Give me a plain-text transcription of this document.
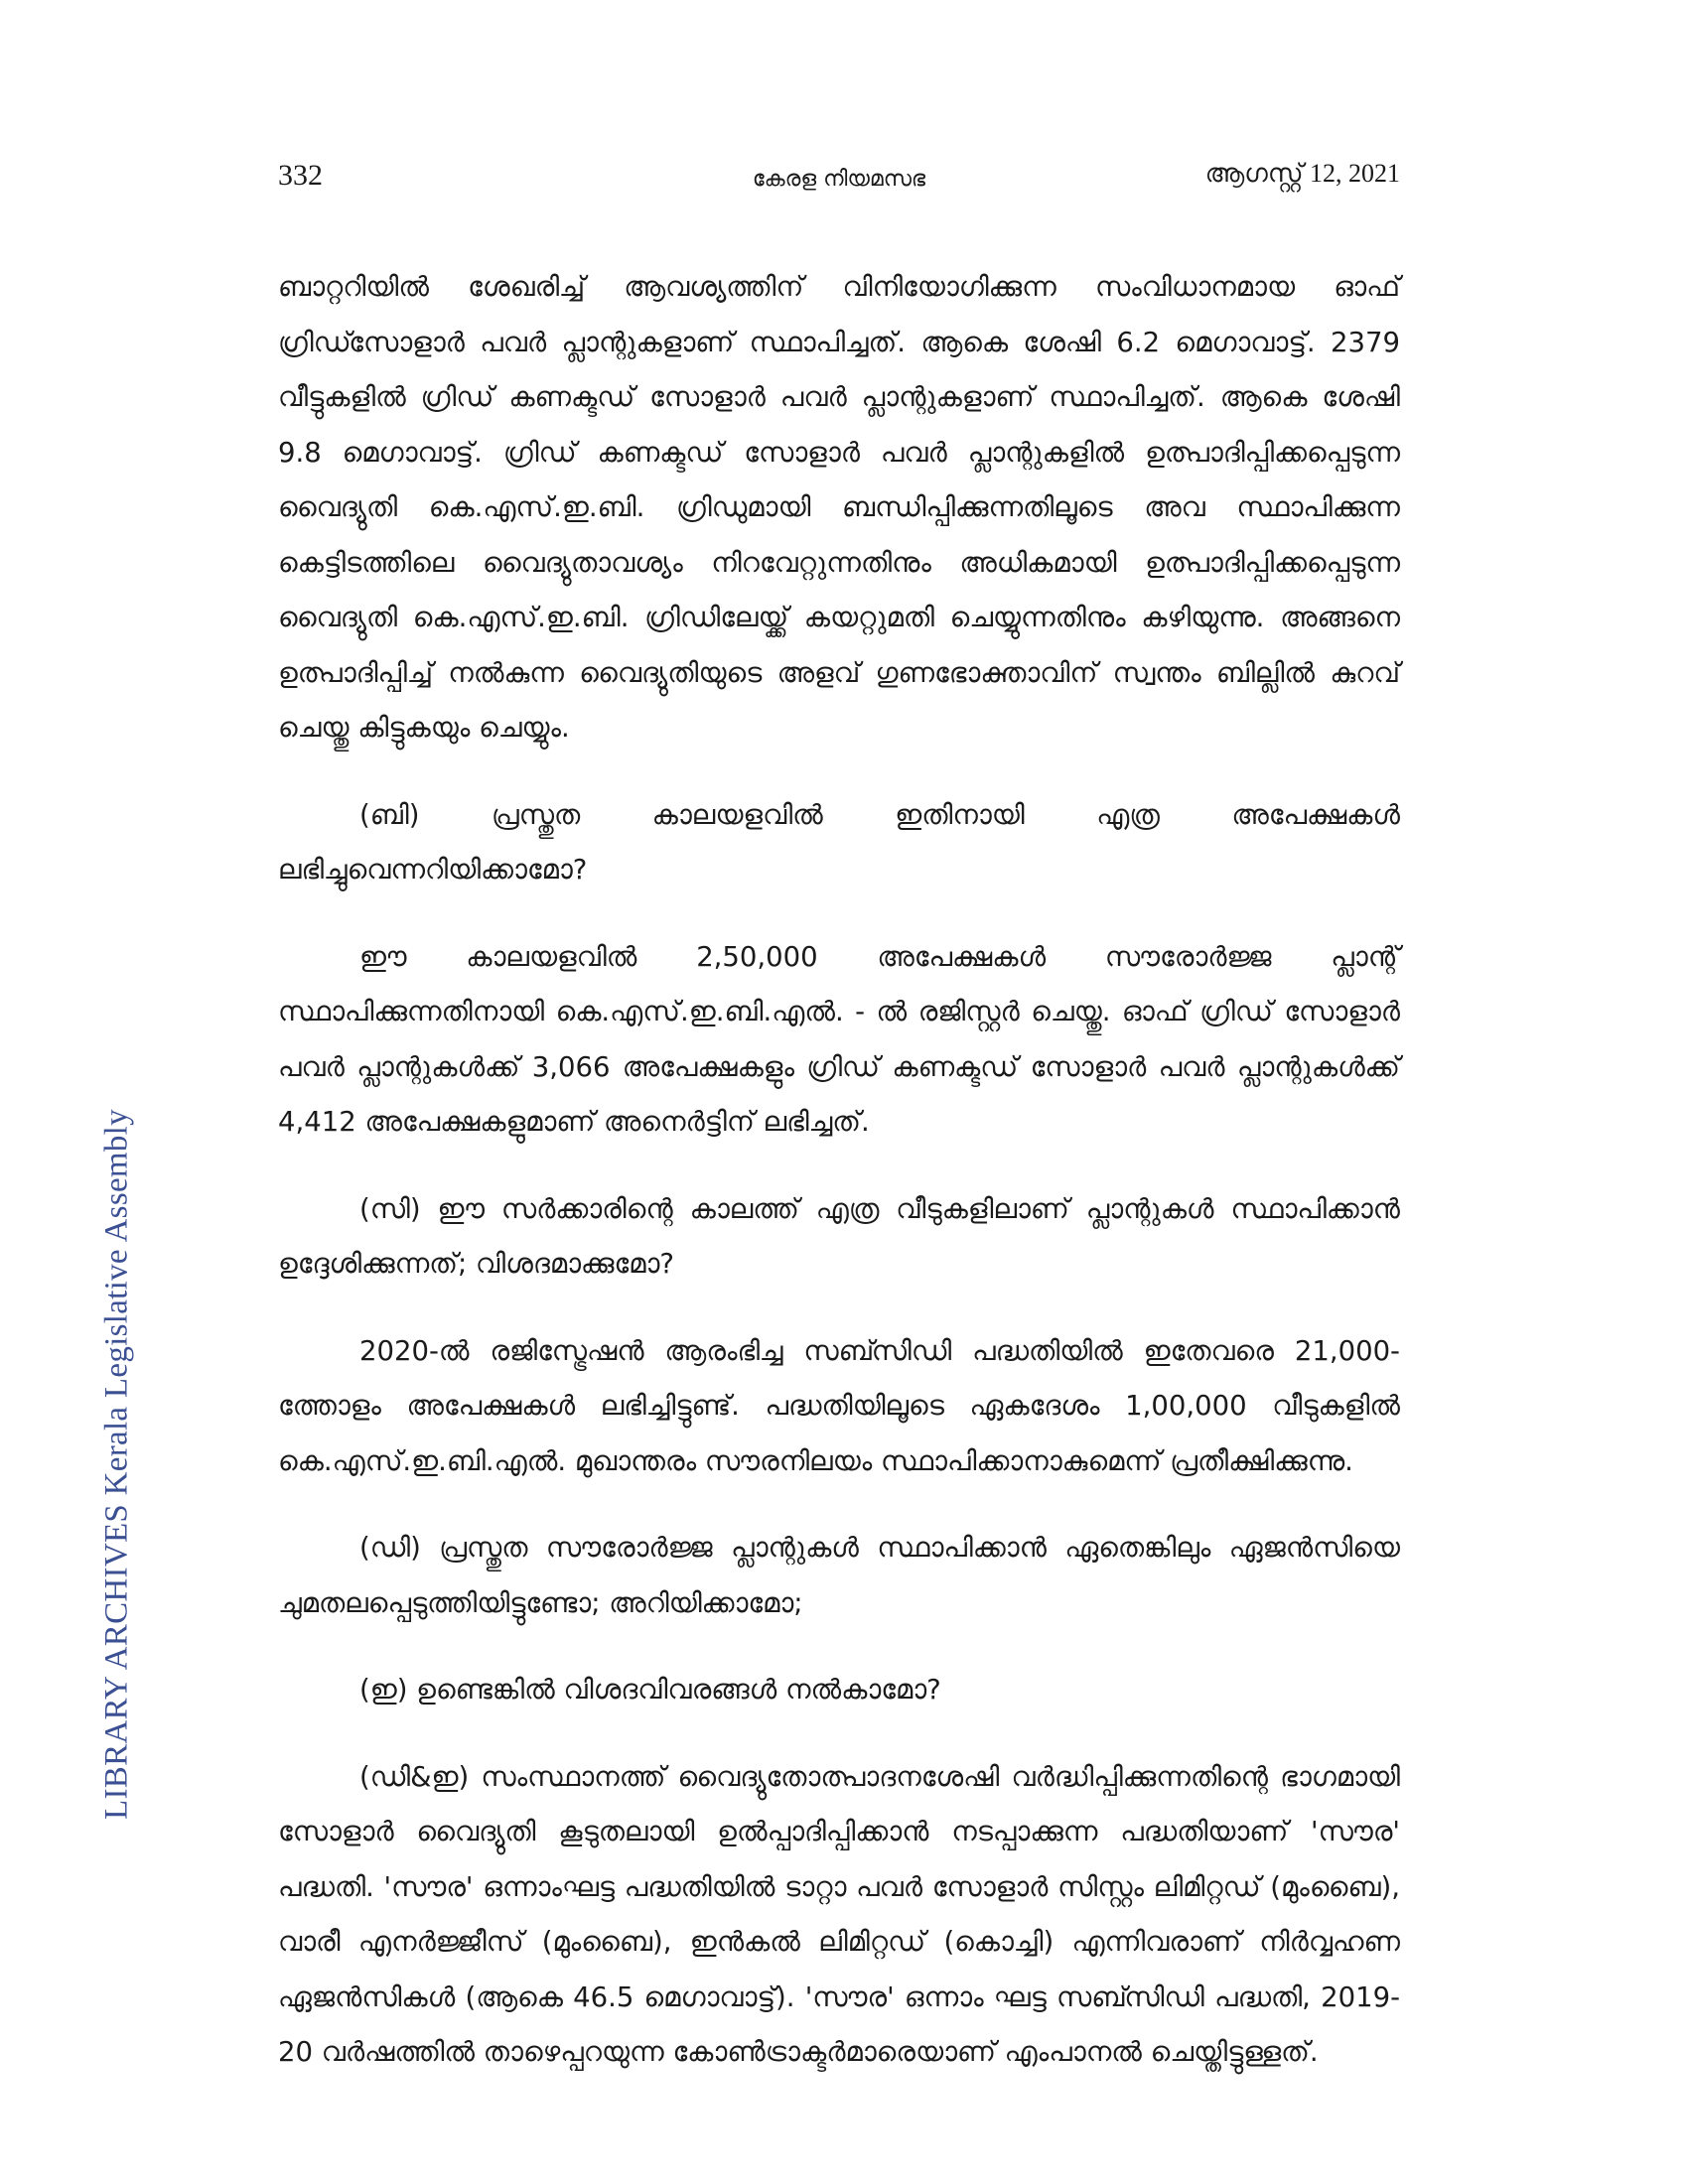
332	കേരള നിയമസഭ	ആഗസ്റ്റ് 12, 2021
LIBRARY ARCHIVES Kerala Legislative Assembly

ബാറ്ററിയിൽ ശേഖരിച്ച് ആവശ്യത്തിന് വിനിയോഗിക്കുന്ന സംവിധാനമായ ഓഫ് ഗ്രിഡ്സോളാർ പവർ പ്ലാന്റുകളാണ് സ്ഥാപിച്ചത്. ആകെ ശേഷി 6.2 മെഗാവാട്ട്. 2379 വീട്ടുകളിൽ ഗ്രിഡ് കണക്ടഡ് സോളാർ പവർ പ്ലാന്റുകളാണ് സ്ഥാപിച്ചത്. ആകെ ശേഷി 9.8 മെഗാവാട്ട്. ഗ്രിഡ് കണക്ടഡ് സോളാർ പവർ പ്ലാന്റുകളിൽ ഉത്പാദിപ്പിക്കപ്പെടുന്ന വൈദ്യുതി കെ.എസ്.ഇ.ബി. ഗ്രിഡുമായി ബന്ധിപ്പിക്കുന്നതിലൂടെ അവ സ്ഥാപിക്കുന്ന കെട്ടിടത്തിലെ വൈദ്യുതാവശ്യം നിറവേറ്റുന്നതിനും അധികമായി ഉത്പാദിപ്പിക്കപ്പെടുന്ന വൈദ്യുതി കെ.എസ്.ഇ.ബി. ഗ്രിഡിലേയ്ക്ക് കയറ്റുമതി ചെയ്യുന്നതിനും കഴിയുന്നു. അങ്ങനെ ഉത്പാദിപ്പിച്ച് നൽകുന്ന വൈദ്യുതിയുടെ അളവ് ഗുണഭോക്താവിന് സ്വന്തം ബില്ലിൽ കുറവ് ചെയ്തു കിട്ടുകയും ചെയ്യും.

(ബി) പ്രസ്തുത കാലയളവിൽ ഇതിനായി എത്ര അപേക്ഷകൾ ലഭിച്ചുവെന്നറിയിക്കാമോ?

ഈ കാലയളവിൽ 2,50,000 അപേക്ഷകൾ സൗരോർജ്ജ പ്ലാന്റ് സ്ഥാപിക്കുന്നതിനായി കെ.എസ്.ഇ.ബി.എൽ. - ൽ രജിസ്റ്റർ ചെയ്തു. ഓഫ് ഗ്രിഡ് സോളാർ പവർ പ്ലാന്റുകൾക്ക് 3,066 അപേക്ഷകളും ഗ്രിഡ് കണക്ടഡ് സോളാർ പവർ പ്ലാന്റുകൾക്ക് 4,412 അപേക്ഷകളുമാണ് അനെർട്ടിന് ലഭിച്ചത്.

(സി) ഈ സർക്കാരിന്റെ കാലത്ത് എത്ര വീടുകളിലാണ് പ്ലാന്റുകൾ സ്ഥാപിക്കാൻ ഉദ്ദേശിക്കുന്നത്; വിശദമാക്കുമോ?

2020-ൽ രജിസ്ട്രേഷൻ ആരംഭിച്ച സബ്സിഡി പദ്ധതിയിൽ ഇതേവരെ 21,000-ത്തോളം അപേക്ഷകൾ ലഭിച്ചിട്ടുണ്ട്. പദ്ധതിയിലൂടെ ഏകദേശം 1,00,000 വീടുകളിൽ കെ.എസ്.ഇ.ബി.എൽ. മുഖാന്തരം സൗരനിലയം സ്ഥാപിക്കാനാകുമെന്ന് പ്രതീക്ഷിക്കുന്നു.

(ഡി) പ്രസ്തുത സൗരോർജ്ജ പ്ലാന്റുകൾ സ്ഥാപിക്കാൻ ഏതെങ്കിലും ഏജൻസിയെ ചുമതലപ്പെടുത്തിയിട്ടുണ്ടോ; അറിയിക്കാമോ;

(ഇ) ഉണ്ടെങ്കിൽ വിശദവിവരങ്ങൾ നൽകാമോ?

(ഡി&ഇ) സംസ്ഥാനത്ത് വൈദ്യുതോത്പാദനശേഷി വർദ്ധിപ്പിക്കുന്നതിന്റെ ഭാഗമായി സോളാർ വൈദ്യുതി കൂടുതലായി ഉൽപ്പാദിപ്പിക്കാൻ നടപ്പാക്കുന്ന പദ്ധതിയാണ് 'സൗര' പദ്ധതി. 'സൗര' ഒന്നാംഘട്ട പദ്ധതിയിൽ ടാറ്റാ പവർ സോളാർ സിസ്റ്റം ലിമിറ്റഡ് (മുംബൈ), വാരീ എനർജ്ജീസ് (മുംബൈ), ഇൻകൽ ലിമിറ്റഡ് (കൊച്ചി) എന്നിവരാണ് നിർവ്വഹണ ഏജൻസികൾ (ആകെ 46.5 മെഗാവാട്ട്). 'സൗര' ഒന്നാം ഘട്ട സബ്സിഡി പദ്ധതി, 2019-20 വർഷത്തിൽ താഴെപ്പറയുന്ന കോൺട്രാക്ടർമാരെയാണ് എംപാനൽ ചെയ്തിട്ടുള്ളത്.
